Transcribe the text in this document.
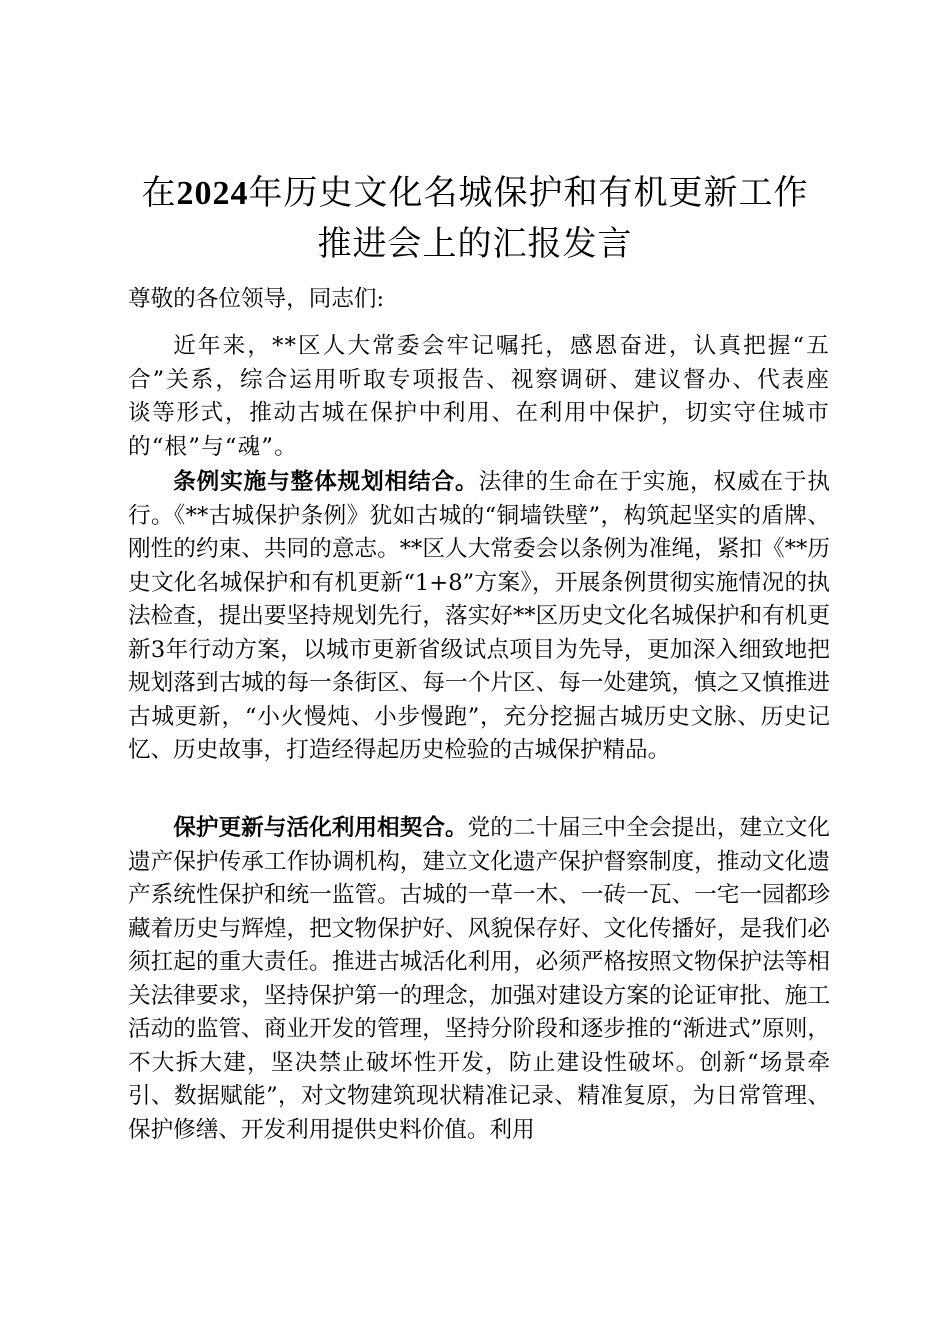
在2024年历史文化名城保护和有机更新工作
推进会上的汇报发言

尊敬的各位领导，同志们:

近年来，**区人大常委会牢记嘱托，感恩奋进，认真把握“五合”关系，综合运用听取专项报告、视察调研、建议督办、代表座谈等形式，推动古城在保护中利用、在利用中保护，切实守住城市的“根”与“魂”。

条例实施与整体规划相结合。法律的生命在于实施，权威在于执行。《**古城保护条例》犹如古城的“铜墙铁壁”，构筑起坚实的盾牌、刚性的约束、共同的意志。**区人大常委会以条例为准绳，紧扣《**历史文化名城保护和有机更新“1+8”方案》，开展条例贯彻实施情况的执法检查，提出要坚持规划先行，落实好**区历史文化名城保护和有机更新3年行动方案，以城市更新省级试点项目为先导，更加深入细致地把规划落到古城的每一条街区、每一个片区、每一处建筑，慎之又慎推进古城更新，“小火慢炖、小步慢跑”，充分挖掘古城历史文脉、历史记忆、历史故事，打造经得起历史检验的古城保护精品。

保护更新与活化利用相契合。党的二十届三中全会提出，建立文化遗产保护传承工作协调机构，建立文化遗产保护督察制度，推动文化遗产系统性保护和统一监管。古城的一草一木、一砖一瓦、一宅一园都珍藏着历史与辉煌，把文物保护好、风貌保存好、文化传播好，是我们必须扛起的重大责任。推进古城活化利用，必须严格按照文物保护法等相关法律要求，坚持保护第一的理念，加强对建设方案的论证审批、施工活动的监管、商业开发的管理，坚持分阶段和逐步推的“渐进式”原则，不大拆大建，坚决禁止破坏性开发，防止建设性破坏。创新“场景牵引、数据赋能”，对文物建筑现状精准记录、精准复原，为日常管理、保护修缮、开发利用提供史料价值。利用
